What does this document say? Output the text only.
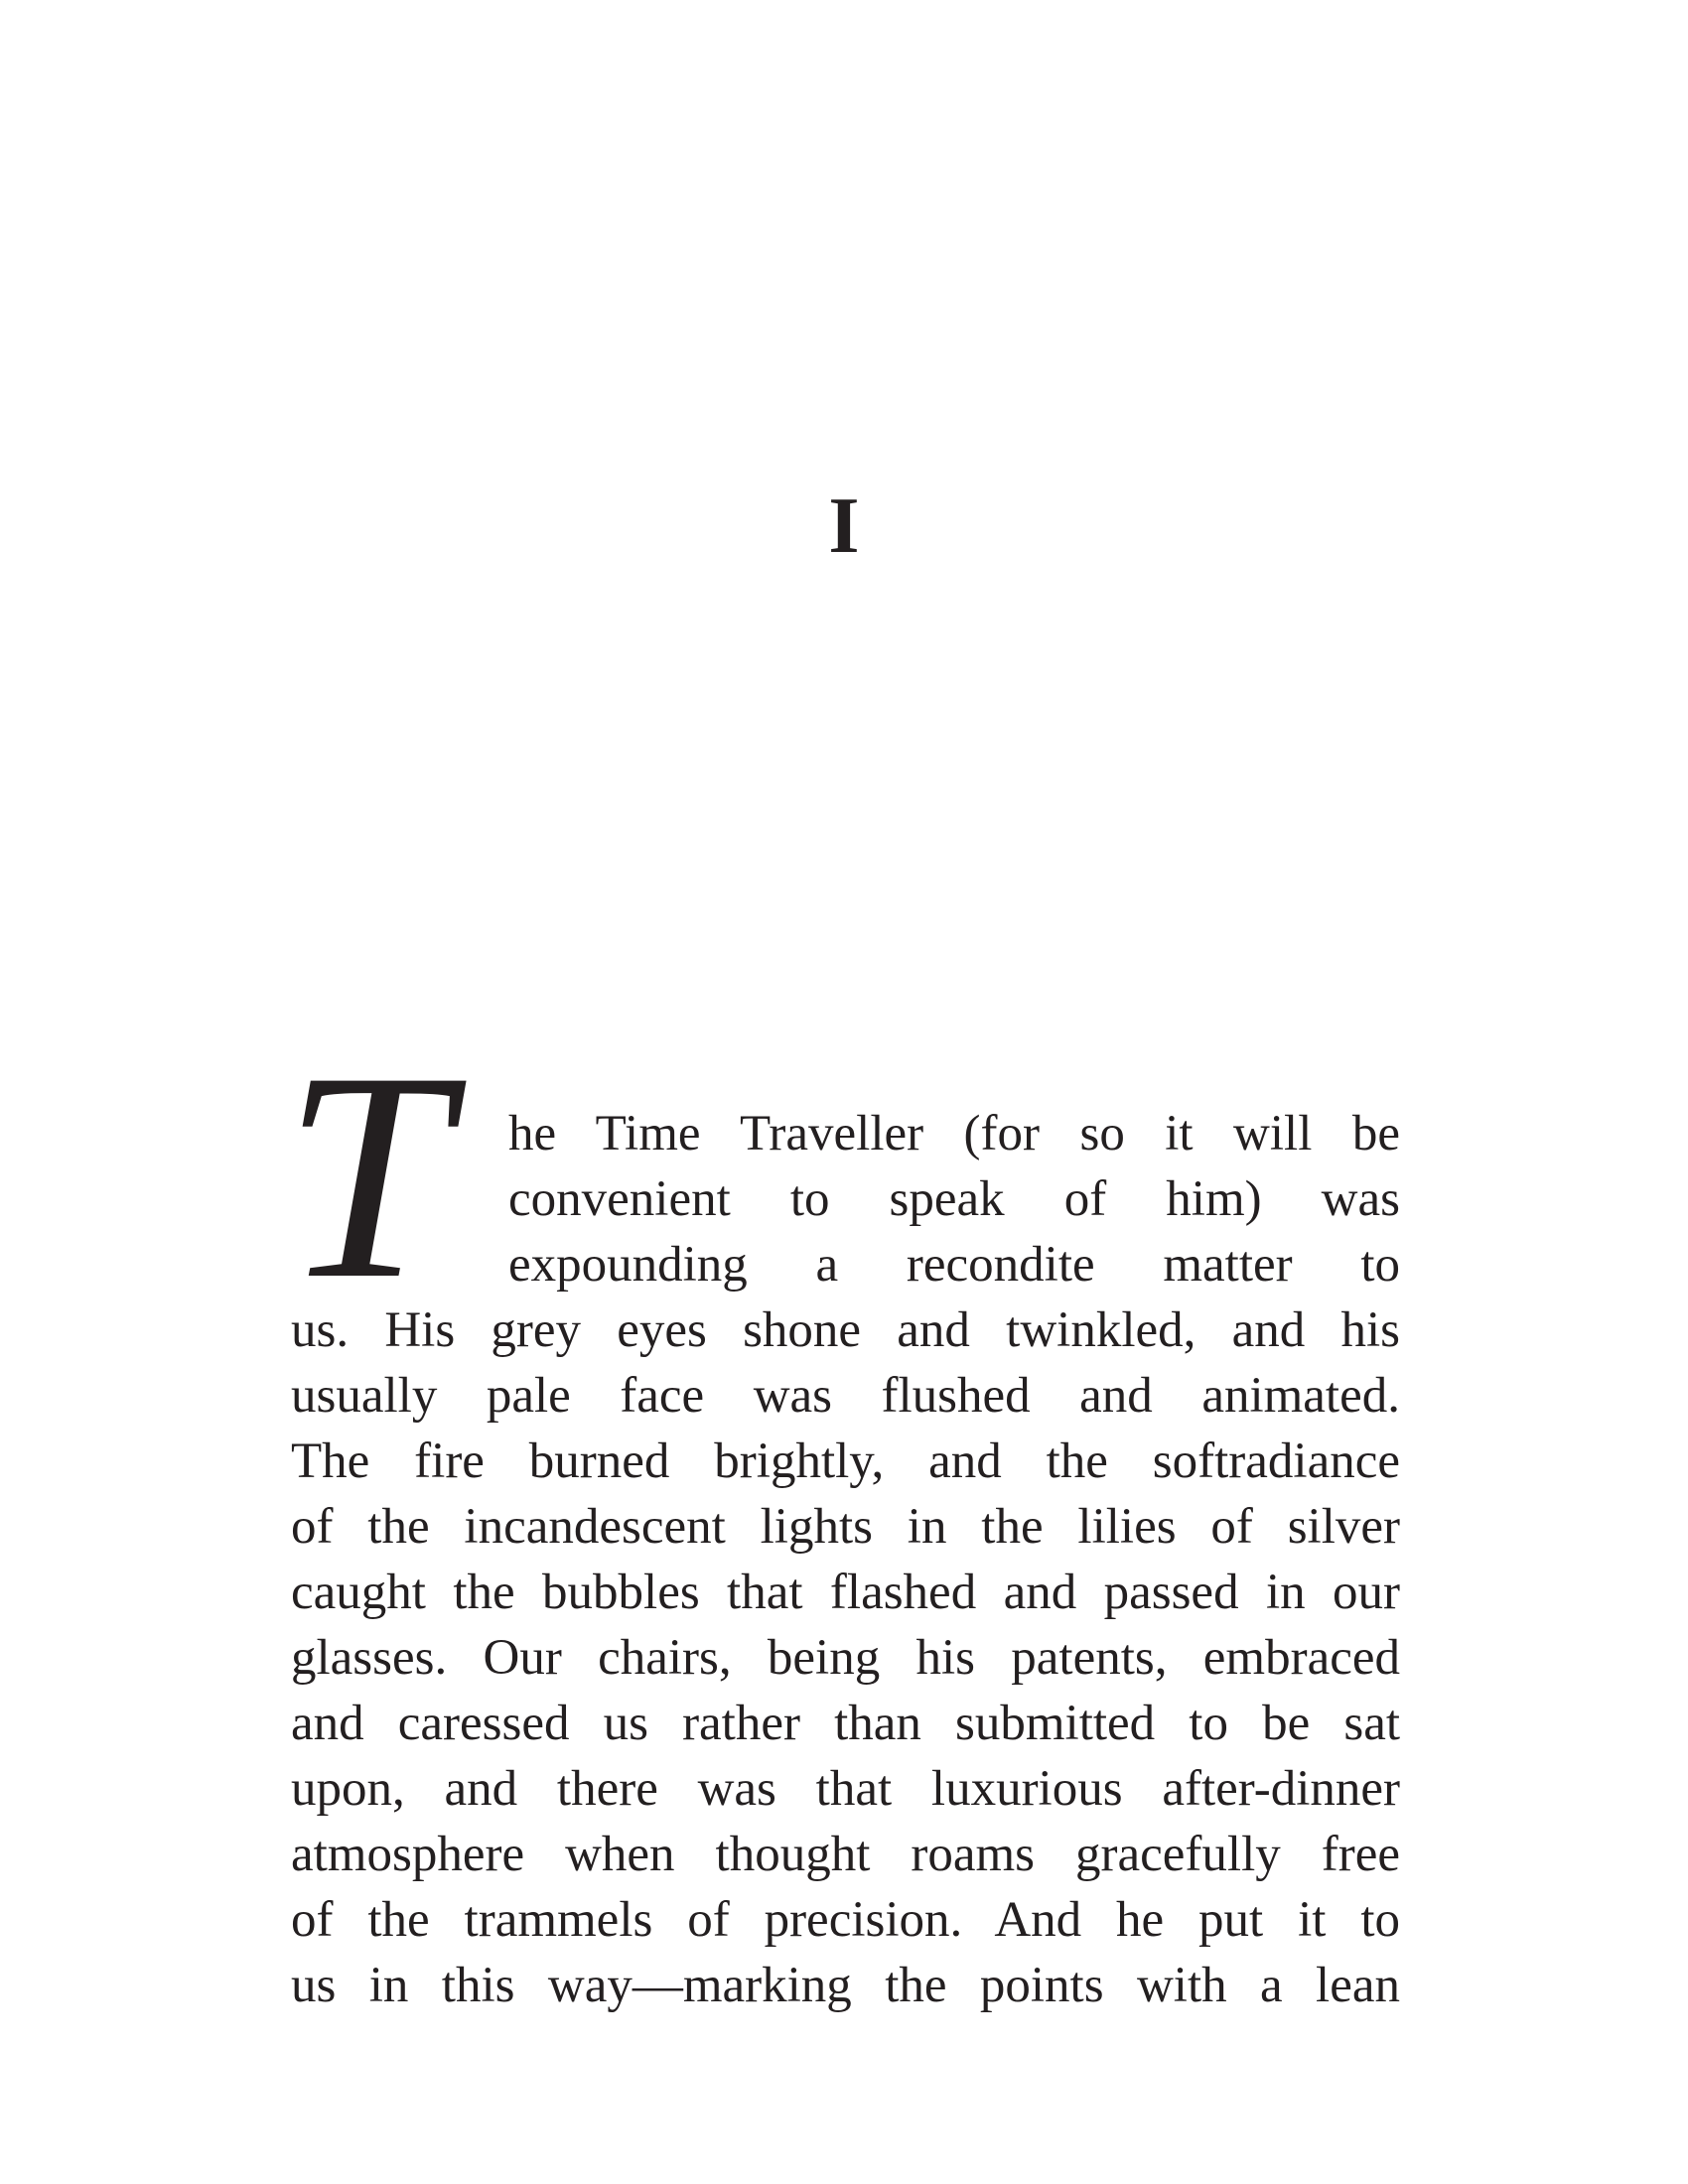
I
T	he Time Traveller (for so it will be
convenient to speak of him) was
expounding a recondite matter to
us. His grey eyes shone and twinkled, and his
usually pale face was flushed and animated.
The fire burned brightly, and the softradiance
of the incandescent lights in the lilies of silver
caught the bubbles that flashed and passed in our
glasses. Our chairs, being his patents, embraced
and caressed us rather than submitted to be sat
upon, and there was that luxurious after-dinner
atmosphere when thought roams gracefully free
of the trammels of precision. And he put it to
us in this way—marking the points with a lean
